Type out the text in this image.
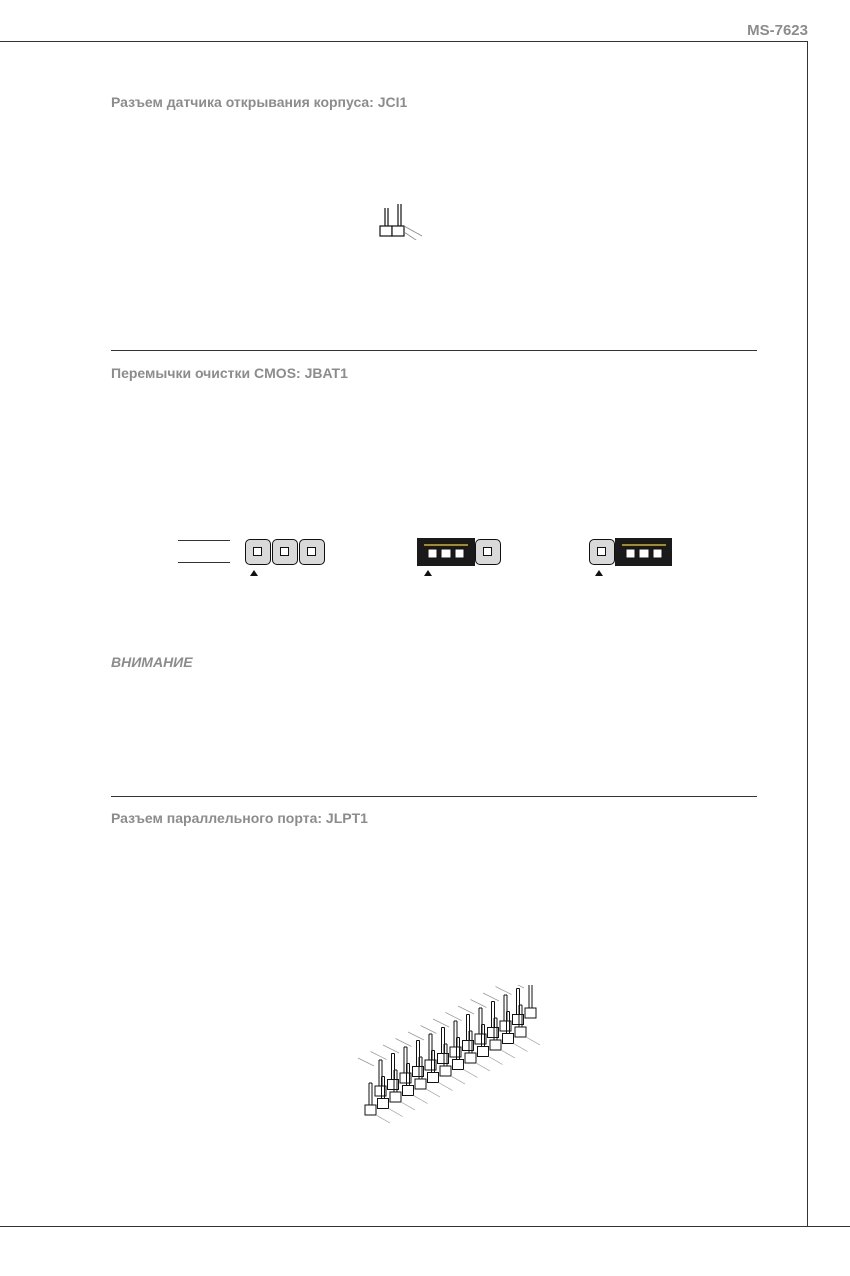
MS-7623
Разъем датчика открывания корпуса: JCI1
Перемычки очистки CMOS: JBAT1
ВНИМАНИЕ
Разъем параллельного порта: JLPT1
